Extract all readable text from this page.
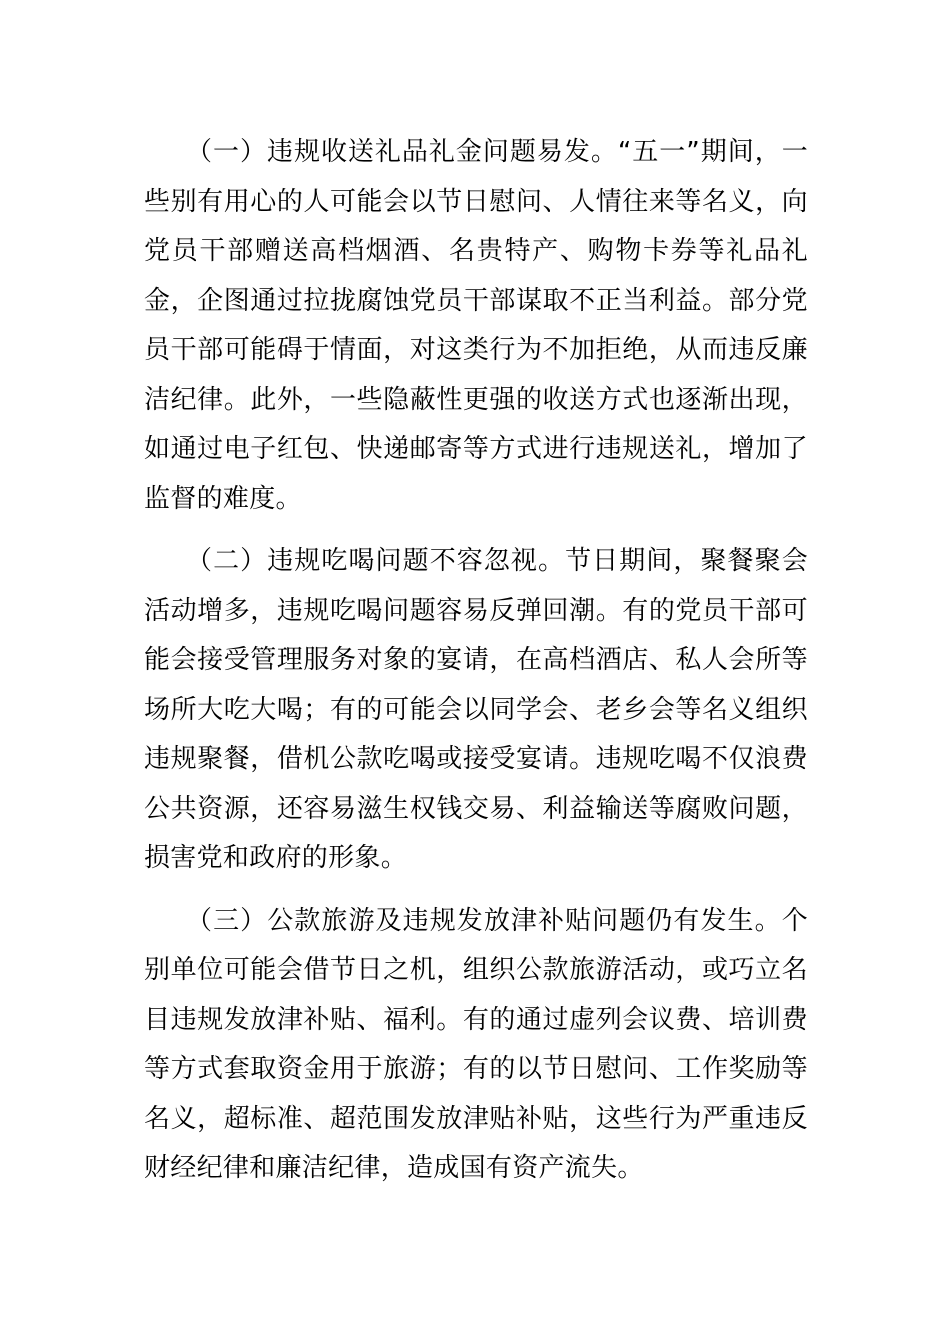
（一）违规收送礼品礼金问题易发。“五一”期间，一些别有用心的人可能会以节日慰问、人情往来等名义，向党员干部赠送高档烟酒、名贵特产、购物卡券等礼品礼金，企图通过拉拢腐蚀党员干部谋取不正当利益。部分党员干部可能碍于情面，对这类行为不加拒绝，从而违反廉洁纪律。此外，一些隐蔽性更强的收送方式也逐渐出现，如通过电子红包、快递邮寄等方式进行违规送礼，增加了监督的难度。

（二）违规吃喝问题不容忽视。节日期间，聚餐聚会活动增多，违规吃喝问题容易反弹回潮。有的党员干部可能会接受管理服务对象的宴请，在高档酒店、私人会所等场所大吃大喝；有的可能会以同学会、老乡会等名义组织违规聚餐，借机公款吃喝或接受宴请。违规吃喝不仅浪费公共资源，还容易滋生权钱交易、利益输送等腐败问题，损害党和政府的形象。

（三）公款旅游及违规发放津补贴问题仍有发生。个别单位可能会借节日之机，组织公款旅游活动，或巧立名目违规发放津补贴、福利。有的通过虚列会议费、培训费等方式套取资金用于旅游；有的以节日慰问、工作奖励等名义，超标准、超范围发放津贴补贴，这些行为严重违反财经纪律和廉洁纪律，造成国有资产流失。
